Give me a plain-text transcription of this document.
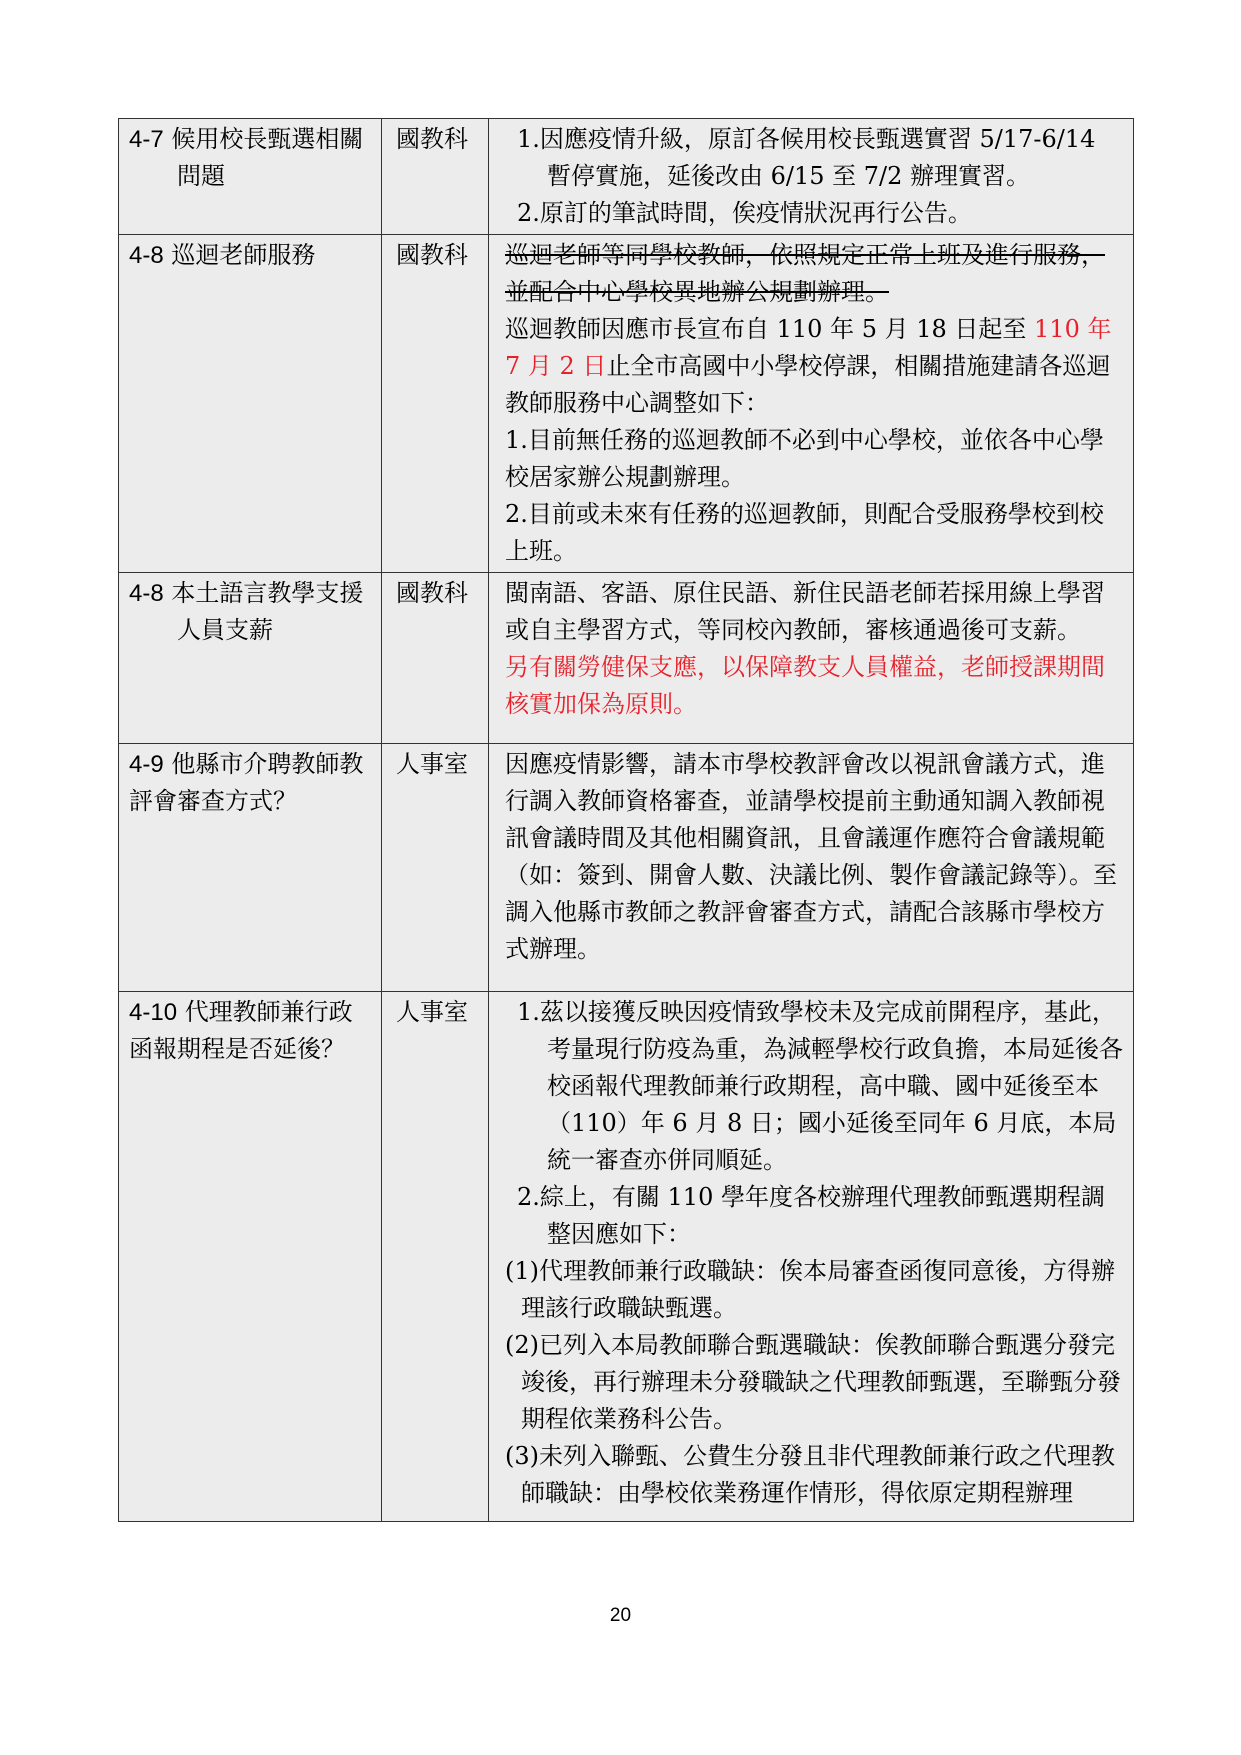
4-7 候用校長甄選相關
問題	國教科	1.因應疫情升級，原訂各候用校長甄選實習 5/17-6/14 暫停實施，延後改由 6/15 至 7/2 辦理實習。
2.原訂的筆試時間，俟疫情狀況再行公告。

4-8 巡迴老師服務	國教科	巡迴老師等同學校教師，依照規定正常上班及進行服務，並配合中心學校異地辦公規劃辦理。
巡迴教師因應市長宣布自 110 年 5 月 18 日起至 110 年 7 月 2 日止全市高國中小學校停課，相關措施建請各巡迴教師服務中心調整如下：
1.目前無任務的巡迴教師不必到中心學校，並依各中心學校居家辦公規劃辦理。
2.目前或未來有任務的巡迴教師，則配合受服務學校到校上班。

4-8 本土語言教學支援
人員支薪	國教科	閩南語、客語、原住民語、新住民語老師若採用線上學習或自主學習方式，等同校內教師，審核通過後可支薪。
另有關勞健保支應，以保障教支人員權益，老師授課期間核實加保為原則。

4-9 他縣市介聘教師教評會審查方式？	人事室	因應疫情影響，請本市學校教評會改以視訊會議方式，進行調入教師資格審查，並請學校提前主動通知調入教師視訊會議時間及其他相關資訊，且會議運作應符合會議規範（如：簽到、開會人數、決議比例、製作會議記錄等）。至調入他縣市教師之教評會審查方式，請配合該縣市學校方式辦理。

4-10 代理教師兼行政函報期程是否延後？	人事室	1.茲以接獲反映因疫情致學校未及完成前開程序，基此，考量現行防疫為重，為減輕學校行政負擔，本局延後各校函報代理教師兼行政期程，高中職、國中延後至本（110）年 6 月 8 日；國小延後至同年 6 月底，本局統一審查亦併同順延。
2.綜上，有關 110 學年度各校辦理代理教師甄選期程調整因應如下：
(1)代理教師兼行政職缺：俟本局審查函復同意後，方得辦理該行政職缺甄選。
(2)已列入本局教師聯合甄選職缺：俟教師聯合甄選分發完竣後，再行辦理未分發職缺之代理教師甄選，至聯甄分發期程依業務科公告。
(3)未列入聯甄、公費生分發且非代理教師兼行政之代理教師職缺：由學校依業務運作情形，得依原定期程辦理
20
